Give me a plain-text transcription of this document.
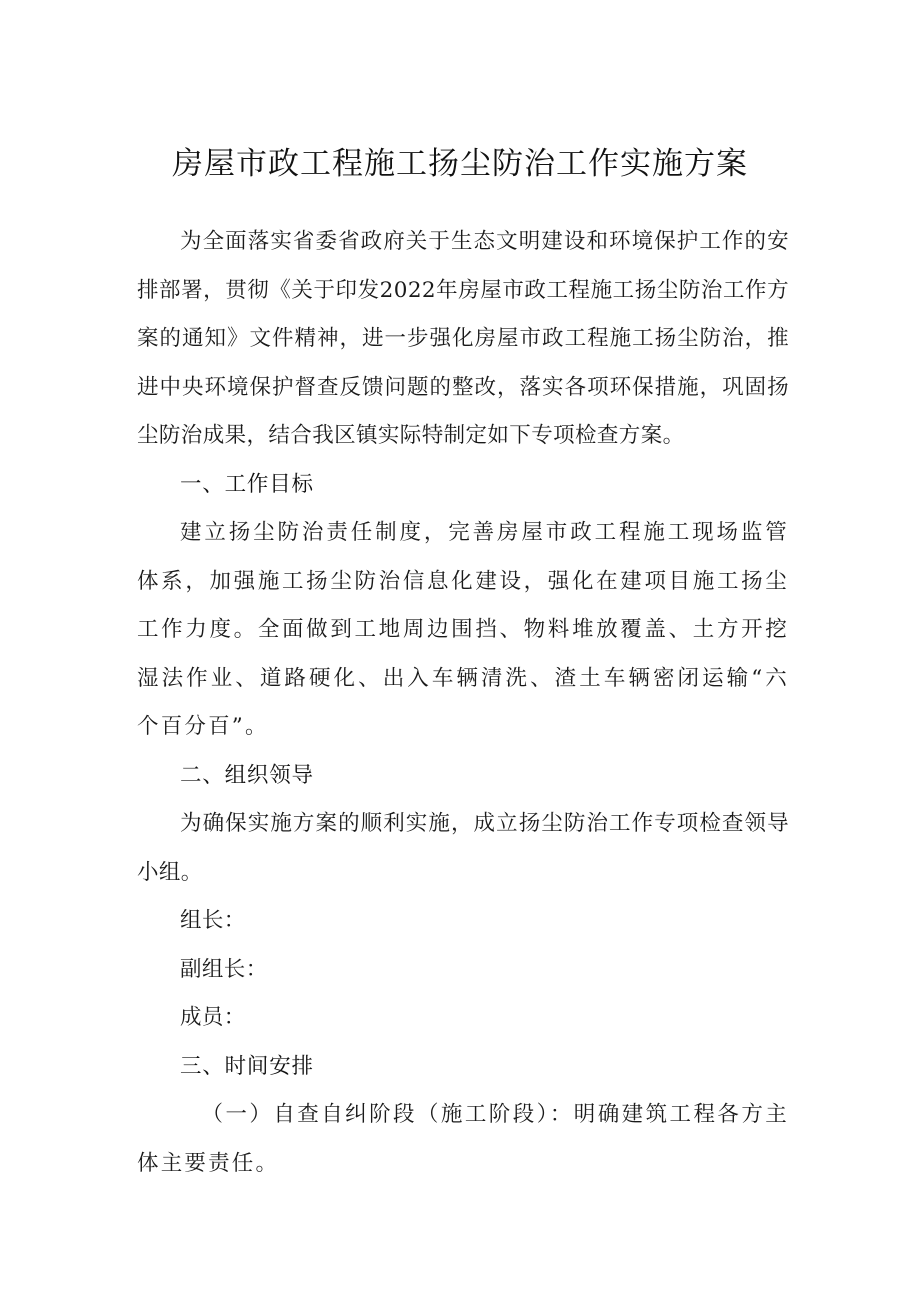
房屋市政工程施工扬尘防治工作实施方案

为全面落实省委省政府关于生态文明建设和环境保护工作的安排部署，贯彻《关于印发2022年房屋市政工程施工扬尘防治工作方案的通知》文件精神，进一步强化房屋市政工程施工扬尘防治，推进中央环境保护督查反馈问题的整改，落实各项环保措施，巩固扬尘防治成果，结合我区镇实际特制定如下专项检查方案。

一、工作目标

建立扬尘防治责任制度，完善房屋市政工程施工现场监管体系，加强施工扬尘防治信息化建设，强化在建项目施工扬尘工作力度。全面做到工地周边围挡、物料堆放覆盖、土方开挖湿法作业、道路硬化、出入车辆清洗、渣土车辆密闭运输“六个百分百”。

二、组织领导

为确保实施方案的顺利实施，成立扬尘防治工作专项检查领导小组。

组长：

副组长：

成员：

三、时间安排

（一）自查自纠阶段（施工阶段）：明确建筑工程各方主体主要责任。
